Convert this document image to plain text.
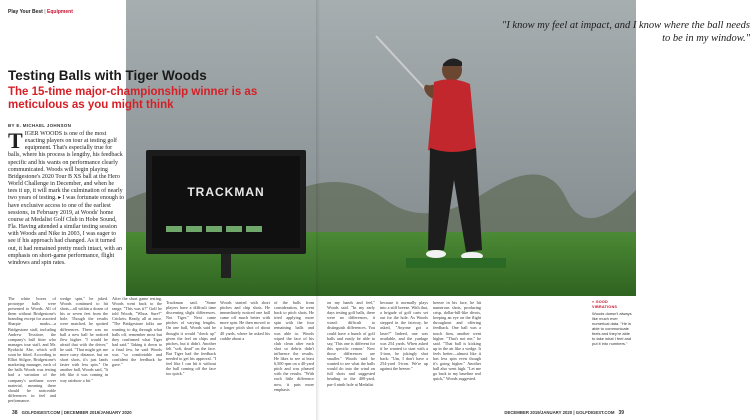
Play Your Best | Equipment
TRACKMAN
"I know my feel at impact, and I know where the ball needs to be in my window."
Testing Balls with Tiger Woods
The 15-time major-championship winner is as meticulous as you might think
BY E. MICHAEL JOHNSON
TIGER WOODS is one of the most exacting players on tour at testing golf equipment. That's especially true for balls, where his process is lengthy, his feedback specific and his wants on performance clearly communicated. Woods will begin playing Bridgestone's 2020 Tour B XS ball at the Hero World Challenge in December, and when he tees it up, it will mark the culmination of nearly two years of testing. ▸ I was fortunate enough to have exclusive access to one of the earliest sessions, in February 2019, at Woods' home course at Medalist Golf Club in Hobe Sound, Fla. Having attended a similar testing session with Woods and Nike in 2003, I was eager to see if his approach had changed. As it turned out, it had remained pretty much intact, with an emphasis on short-game performance, flight windows and spin rates.
The white boxes of prototype balls were presented to Woods. All of them without Bridgestone's branding except for assorted Sharpie marks—a Bridgestone staff, including Andrew Tessitore, the company's ball fitter who manages tour staff, and Mr. Ryokichi Abe, which will soon be fitted. According to Elliot Stilgoe, Bridgestone's marketing manager, each of the balls Woods was testing had a variation of the company's urethane cover material, meaning there should be noticeable differences in feel and performance.
wedge spin," he joked. Woods continued to hit shots—all within a dozen of his or seven feet from the hole. Though the results were matched, he spotted differences. There was no ball a new ball he noticed flew higher. "I would be afraid that with the driver," he said. "That might get me more carry distance, but on short shots, it's just lands faster with less spin." On another ball, Woods said, "It felt like it was coming in way rainbow a bit."
After the short game testing, Woods went back to the range. "This was it?" Golf he told Woods, "Whoa. Sure?" Crickets. Ready, all at once. "The Bridgestone folks are wanting to dig through what balls off, remember most but they confirmed what Tiger had said." Taking it down to a final few, he said Woods was "so comfortable and confident the feedback he gave."
Trackman said. "Some players have a difficult time discerning slight differences. Not Tiger." Next came pitches of varying lengths. On one ball, Woods said he thought it would "check up" given the feel on chips and pitches, but it didn't. Another felt "soft, dead" on the face. But Tiger had the feedback needed to get his approval. "I feel like I can hit it without the ball coming off the face too quick."
Woods started with short pitches and chip shots. He immediately noticed one ball came off much better with more spin. He then moved to a longer pitch shot of about 40 yards, where he asked his caddie about a
of the balls from consideration, he went back to pitch shots. He tried applying more spin with the four remaining balls and was able to. Woods wiped the face of his club clean after each shot so debris didn't influence the results. He likes to see at least 6,500 rpm on a 40-yard pitch and was pleased with the results. "With each little difference now, it puts more emphasis
on my hands and feel," Woods said. "In my early days testing golf balls, there were no differences, it wasn't difficult to distinguish differences. You could have a bunch of golf balls and easily be able to say, 'This one is different for this specific reason.' Now those differences are smaller." Woods said he wanted to see what the balls would do into the wind on full shots and suggested heading to the 400-yard, par-4 ninth hole at Medalist
because it normally plays into a stiff breeze. With that, a brigade of golf carts set out for the hole. As Woods stepped in the fairway, he asked, "Anyone got a laser?" Indeed, one was available, and the yardage was 254 yards. When asked if he wanted to start with a 3-iron, he jokingly shot back: "Um, I don't have a 254-yard 3-iron. We're up against the breeze."
breeze in his face, he hit numerous shots, producing crisp, dollar-bill-like divots, keeping an eye on the flight throughout and offering feedback. One ball was a touch firm, another went higher. "That's not me," he said. "That ball is kicking up in the air like a wedge. It feels better—almost like it has less spin even though it's going higher." Another ball also went high. "Let me go back to my baseline real quick," Woods suggested.
» GOOD VIBRATIONS
Woods doesn't always like much ever numerical data. "He is able to communicate feels and they're able to take what I feel and put it into numbers."
38 GOLFDIGEST.COM | DECEMBER 2019/JANUARY 2020	DECEMBER 2019/JANUARY 2020 | GOLFDIGEST.COM 39
